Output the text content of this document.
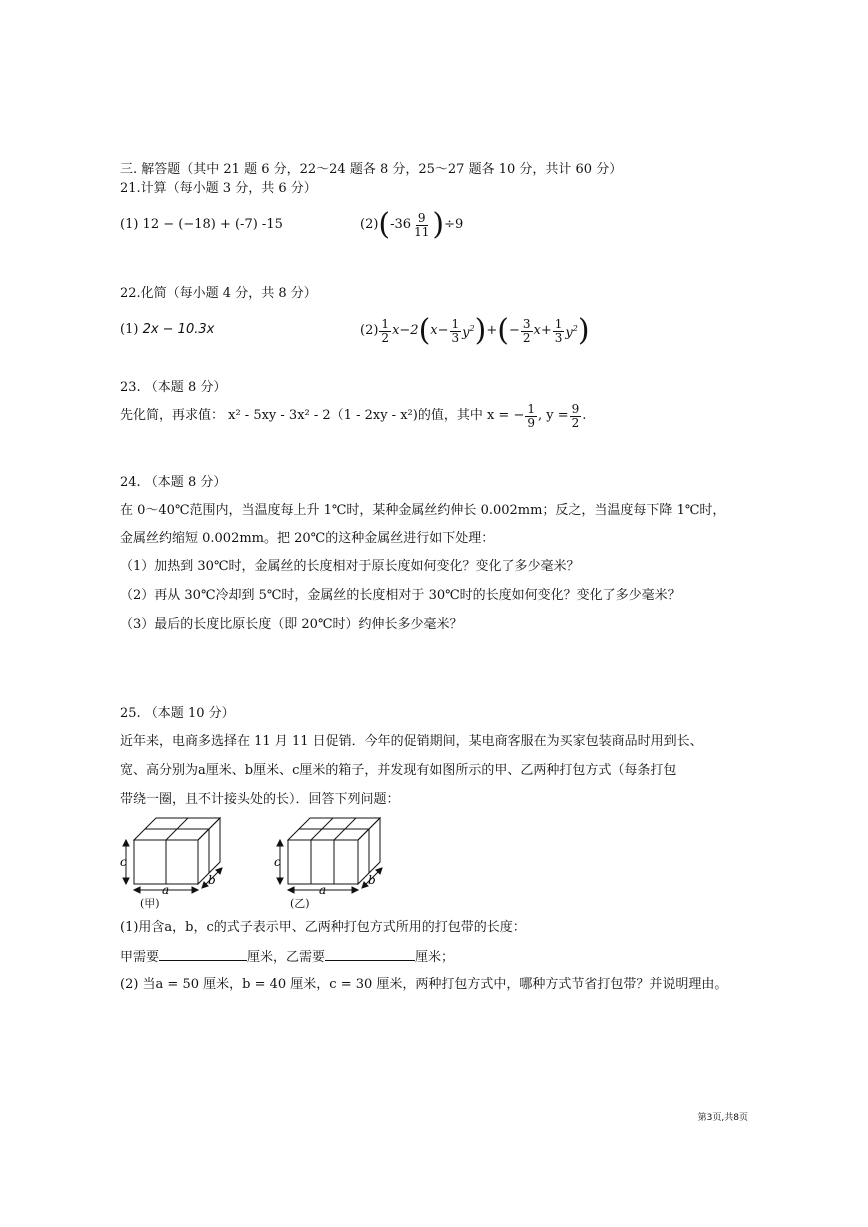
三. 解答题（其中 21 题 6 分，22～24 题各 8 分，25～27 题各 10 分，共计 60 分）
21.计算（每小题 3 分，共 6 分）
(1) 12 − (−18) + (-7) -15	(2) ( $-36 \frac{9}{11}$ ) ÷9
22.化简（每小题 4 分，共 8 分）
(1) 2x − 10.3x	$(2) \frac{1}{2} x-2$ ( $x- \frac{1}{3} y^2$ ) + ( − $\frac{3}{2} x+ \frac{1}{3} y^2$ )
23. （本题 8 分）
先化简，再求值： x² - 5xy - 3x² - 2（1 - 2xy - x²)的值，其中 x = − $\frac{1}{9}$ , $y = \frac{9}{2}$ .
24. （本题 8 分）
在 0～40℃范围内，当温度每上升 1℃时，某种金属丝约伸长 0.002mm；反之，当温度每下降 1℃时，
金属丝约缩短 0.002mm。把 20℃的这种金属丝进行如下处理：
（1）加热到 30℃时，金属丝的长度相对于原长度如何变化？变化了多少毫米？
（2）再从 30℃冷却到 5℃时，金属丝的长度相对于 30℃时的长度如何变化？变化了多少毫米？
（3）最后的长度比原长度（即 20℃时）约伸长多少毫米？
25. （本题 10 分）
近年来，电商多选择在 11 月 11 日促销．今年的促销期间，某电商客服在为买家包装商品时用到长、
宽、高分别为a厘米、b厘米、c厘米的箱子，并发现有如图所示的甲、乙两种打包方式（每条打包
带绕一圈，且不计接头处的长）．回答下列问题：
c
a
b
(甲)
c
a
b
(乙)
(1)用含a，b，c的式子表示甲、乙两种打包方式所用的打包带的长度：
甲需要	厘米，乙需要	厘米；
(2) 当a = 50 厘米，b = 40 厘米，c = 30 厘米，两种打包方式中，哪种方式节省打包带？并说明理由。
第3页,共8页
